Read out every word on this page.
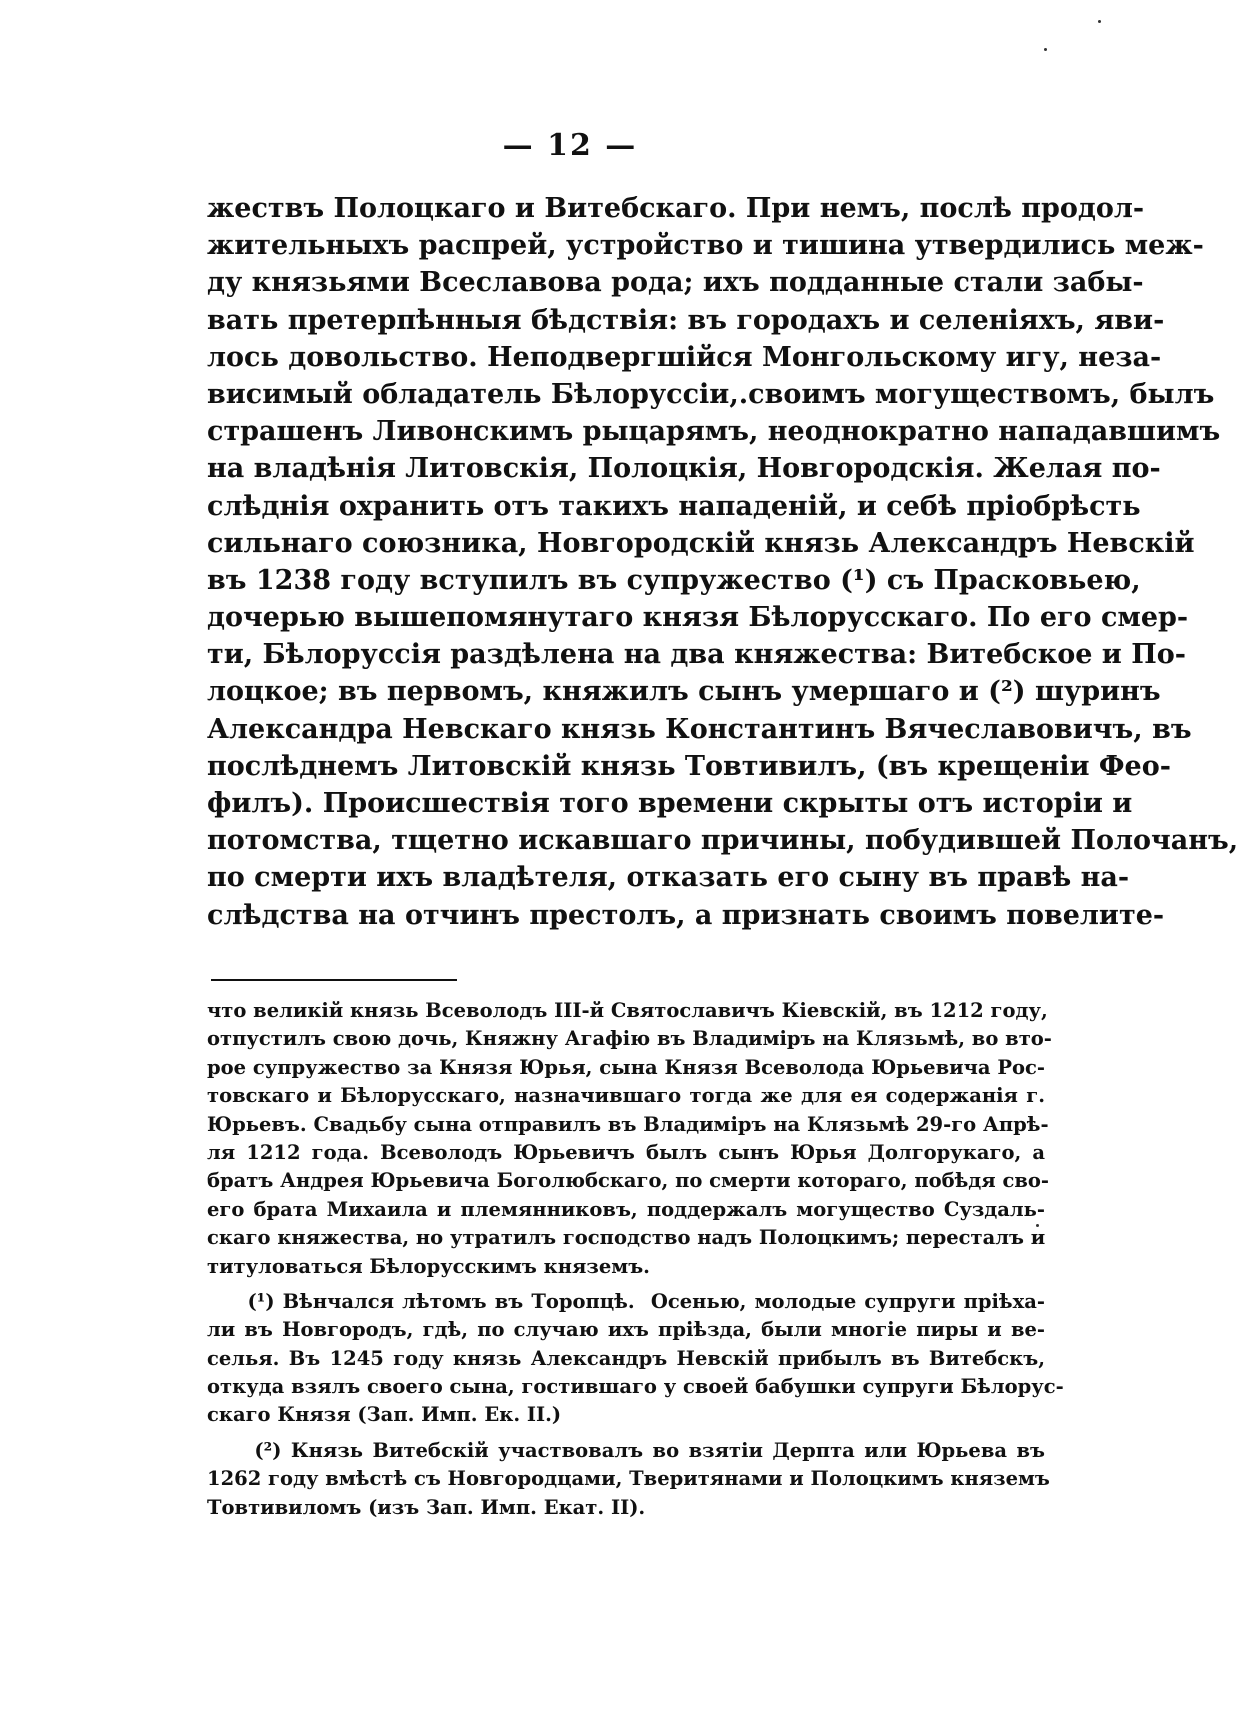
— 12 —
жествъ Полоцкаго и Витебскаго. При немъ, послѣ продол-
жительныхъ распрей, устройство и тишина утвердились меж-
ду князьями Всеславова рода; ихъ подданные стали забы-
вать претерпѣнныя бѣдствія: въ городахъ и селеніяхъ, яви-
лось довольство. Неподвергшійся Монгольскому игу, неза-
висимый обладатель Бѣлоруссіи,.своимъ могуществомъ, былъ
страшенъ Ливонскимъ рыцарямъ, неоднократно нападавшимъ
на владѣнія Литовскія, Полоцкія, Новгородскія. Желая по-
слѣднія охранить отъ такихъ нападеній, и себѣ пріобрѣсть
сильнаго союзника, Новгородскій князь Александръ Невскій
въ 1238 году вступилъ въ супружество (¹) съ Прасковьею,
дочерью вышепомянутаго князя Бѣлорусскаго. По его смер-
ти, Бѣлоруссія раздѣлена на два княжества: Витебское и По-
лоцкое; въ первомъ, княжилъ сынъ умершаго и (²) шуринъ
Александра Невскаго князь Константинъ Вячеславовичъ, въ
послѣднемъ Литовскій князь Товтивилъ, (въ крещеніи Фео-
филъ). Происшествія того времени скрыты отъ исторіи и
потомства, тщетно искавшаго причины, побудившей Полочанъ,
по смерти ихъ владѣтеля, отказать его сыну въ правѣ на-
слѣдства на отчинъ престолъ, а признать своимъ повелите-
что великій князь Всеволодъ III-й Святославичъ Кіевскій, въ 1212 году,
отпустилъ свою дочь, Княжну Агафію въ Владиміръ на Клязьмѣ, во вто-
рое супружество за Князя Юрья, сына Князя Всеволода Юрьевича Рос-
товскаго и Бѣлорусскаго, назначившаго тогда же для ея содержанія г.
Юрьевъ. Свадьбу сына отправилъ въ Владиміръ на Клязьмѣ 29-го Апрѣ-
ля 1212 года. Всеволодъ Юрьевичъ былъ сынъ Юрья Долгорукаго, а
братъ Андрея Юрьевича Боголюбскаго, по смерти котораго, побѣдя сво-
его брата Михаила и племянниковъ, поддержалъ могущество Суздаль-
скаго княжества, но утратилъ господство надъ Полоцкимъ; пересталъ и
титуловаться Бѣлорусскимъ княземъ.
(¹) Вѣнчался лѣтомъ въ Торопцѣ.  Осенью, молодые супруги пріѣха-
ли въ Новгородъ, гдѣ, по случаю ихъ пріѣзда, были многіе пиры и ве-
селья. Въ 1245 году князь Александръ Невскій прибылъ въ Витебскъ,
откуда взялъ своего сына, гостившаго у своей бабушки супруги Бѣлорус-
скаго Князя (Зап. Имп. Ек. II.)
(²) Князь Витебскій участвовалъ во взятіи Дерпта или Юрьева въ
1262 году вмѣстѣ съ Новгородцами, Тверитянами и Полоцкимъ княземъ
Товтивиломъ (изъ Зап. Имп. Екат. II).
